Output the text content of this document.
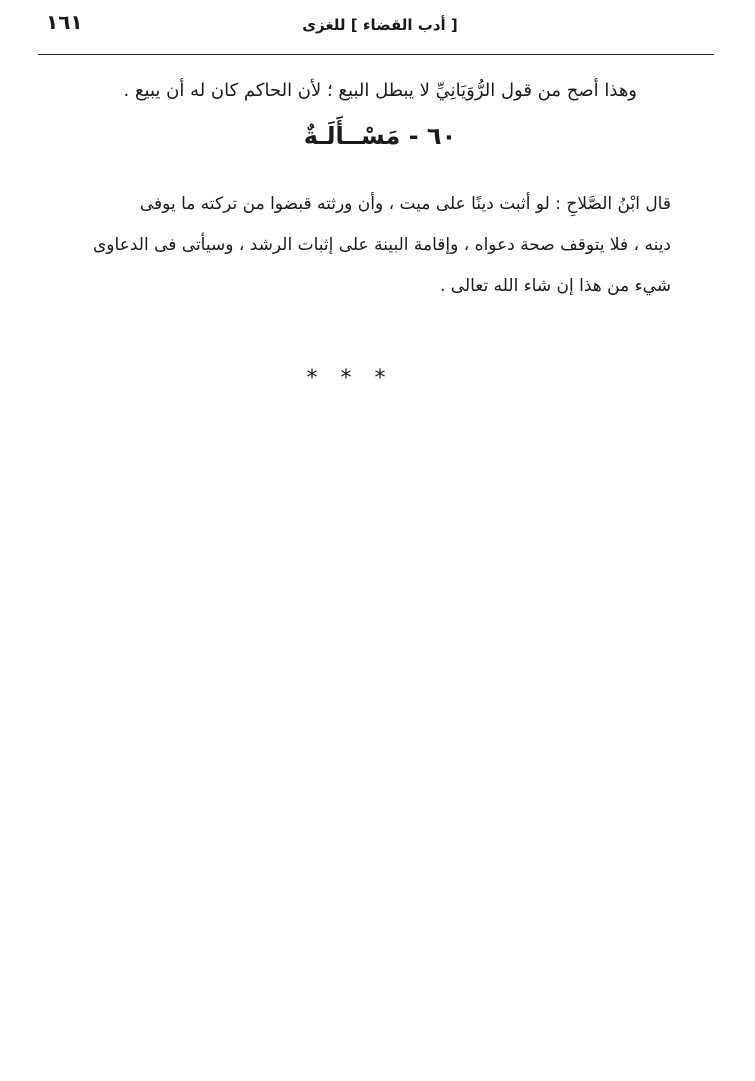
١٦١	[ أدب القضاء ] للغزى
وهذا أصح من قول الرُّوَيَانِيِّ لا يبطل البيع ؛ لأن الحاكم كان له أن يبيع .
٦٠ - مَسْــأَلَـةٌ
قال ابْنُ الصَّلاحِ : لو أثبت دينًا على ميت ، وأن ورثته قبضوا من تركته ما يوفى
دينه ، فلا يتوقف صحة دعواه ، وإقامة البينة على إثبات الرشد ، وسيأتى فى الدعاوى
شيء من هذا إن شاء الله تعالى .
* * *
